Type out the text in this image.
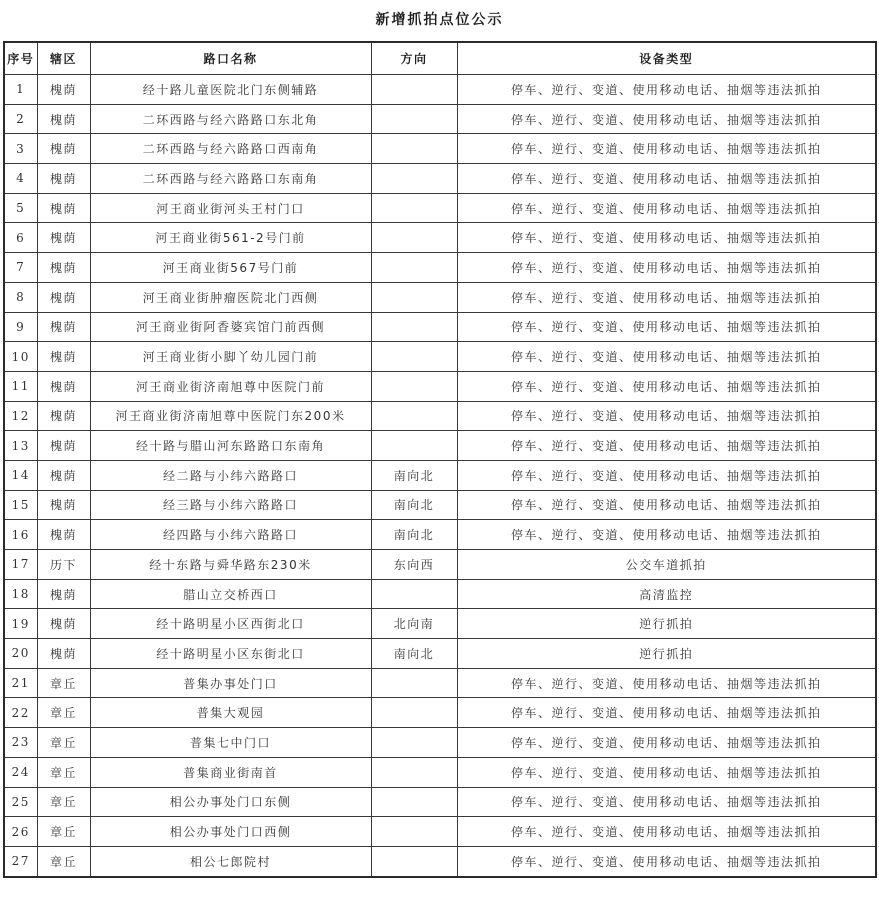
新增抓拍点位公示
序号	辖区	路口名称	方向	设备类型
1	槐荫	经十路儿童医院北门东侧辅路		停车、逆行、变道、使用移动电话、抽烟等违法抓拍
2	槐荫	二环西路与经六路路口东北角		停车、逆行、变道、使用移动电话、抽烟等违法抓拍
3	槐荫	二环西路与经六路路口西南角		停车、逆行、变道、使用移动电话、抽烟等违法抓拍
4	槐荫	二环西路与经六路路口东南角		停车、逆行、变道、使用移动电话、抽烟等违法抓拍
5	槐荫	河王商业街河头王村门口		停车、逆行、变道、使用移动电话、抽烟等违法抓拍
6	槐荫	河王商业街561-2号门前		停车、逆行、变道、使用移动电话、抽烟等违法抓拍
7	槐荫	河王商业街567号门前		停车、逆行、变道、使用移动电话、抽烟等违法抓拍
8	槐荫	河王商业街肿瘤医院北门西侧		停车、逆行、变道、使用移动电话、抽烟等违法抓拍
9	槐荫	河王商业街阿香婆宾馆门前西侧		停车、逆行、变道、使用移动电话、抽烟等违法抓拍
10	槐荫	河王商业街小脚丫幼儿园门前		停车、逆行、变道、使用移动电话、抽烟等违法抓拍
11	槐荫	河王商业街济南旭尊中医院门前		停车、逆行、变道、使用移动电话、抽烟等违法抓拍
12	槐荫	河王商业街济南旭尊中医院门东200米		停车、逆行、变道、使用移动电话、抽烟等违法抓拍
13	槐荫	经十路与腊山河东路路口东南角		停车、逆行、变道、使用移动电话、抽烟等违法抓拍
14	槐荫	经二路与小纬六路路口	南向北	停车、逆行、变道、使用移动电话、抽烟等违法抓拍
15	槐荫	经三路与小纬六路路口	南向北	停车、逆行、变道、使用移动电话、抽烟等违法抓拍
16	槐荫	经四路与小纬六路路口	南向北	停车、逆行、变道、使用移动电话、抽烟等违法抓拍
17	历下	经十东路与舜华路东230米	东向西	公交车道抓拍
18	槐荫	腊山立交桥西口		高清监控
19	槐荫	经十路明星小区西街北口	北向南	逆行抓拍
20	槐荫	经十路明星小区东街北口	南向北	逆行抓拍
21	章丘	普集办事处门口		停车、逆行、变道、使用移动电话、抽烟等违法抓拍
22	章丘	普集大观园		停车、逆行、变道、使用移动电话、抽烟等违法抓拍
23	章丘	普集七中门口		停车、逆行、变道、使用移动电话、抽烟等违法抓拍
24	章丘	普集商业街南首		停车、逆行、变道、使用移动电话、抽烟等违法抓拍
25	章丘	相公办事处门口东侧		停车、逆行、变道、使用移动电话、抽烟等违法抓拍
26	章丘	相公办事处门口西侧		停车、逆行、变道、使用移动电话、抽烟等违法抓拍
27	章丘	相公七郎院村		停车、逆行、变道、使用移动电话、抽烟等违法抓拍
